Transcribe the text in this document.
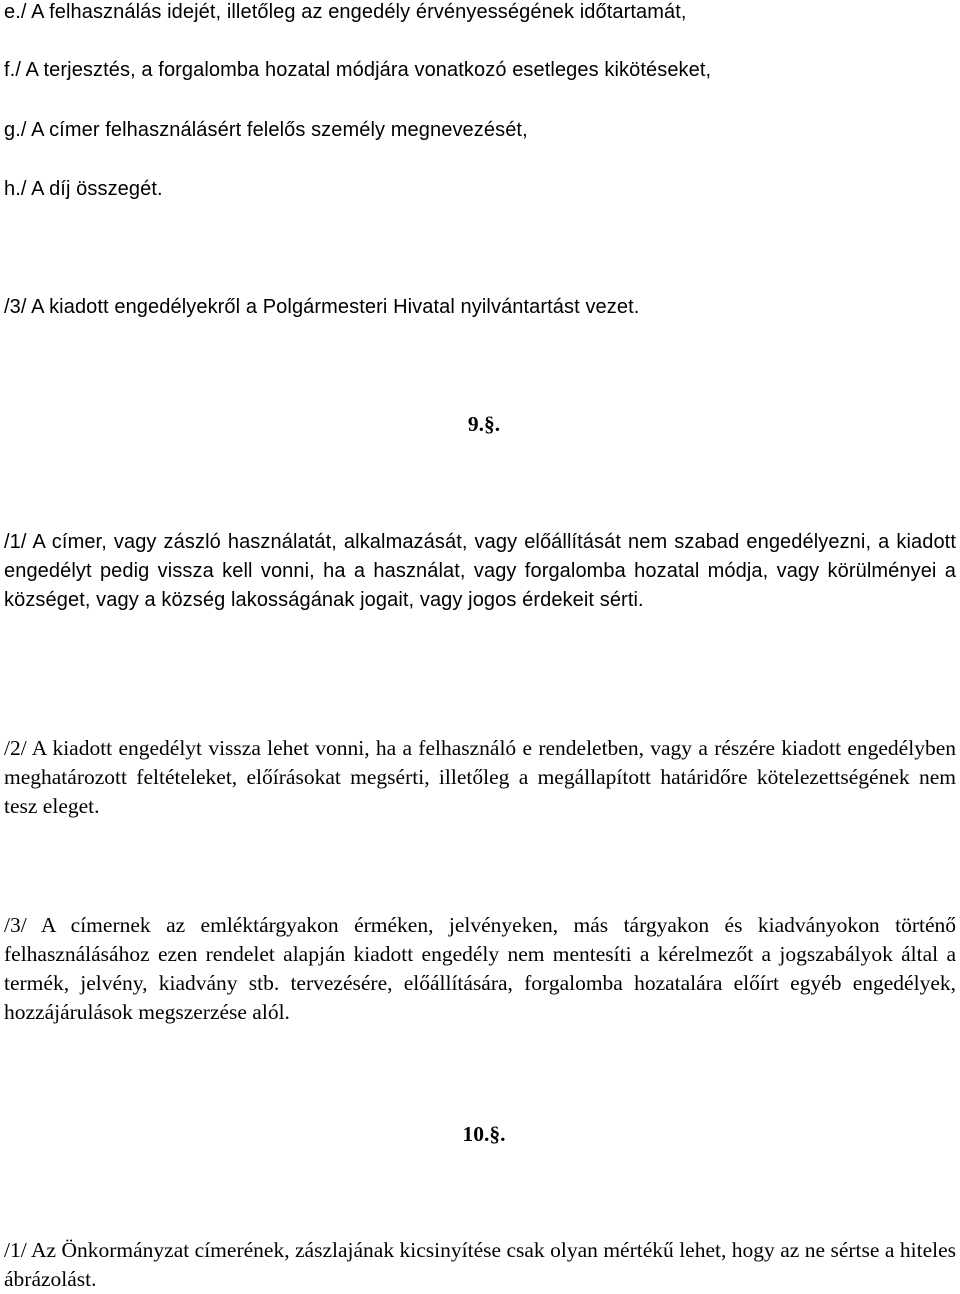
e./ A felhasználás idejét, illetőleg az engedély érvényességének időtartamát,
f./ A terjesztés, a forgalomba hozatal módjára vonatkozó esetleges kikötéseket,
g./ A címer felhasználásért felelős személy megnevezését,
h./ A díj összegét.
/3/ A kiadott engedélyekről a Polgármesteri Hivatal nyilvántartást vezet.
9.§.
/1/ A címer, vagy zászló használatát, alkalmazását, vagy előállítását nem szabad engedélyezni, a kiadott engedélyt pedig vissza kell vonni, ha a használat, vagy forgalomba hozatal módja, vagy körülményei a községet, vagy a község lakosságának jogait, vagy jogos érdekeit sérti.
/2/ A kiadott engedélyt vissza lehet vonni, ha a felhasználó e rendeletben, vagy a részére kiadott engedélyben meghatározott feltételeket, előírásokat megsérti, illetőleg a megállapított határidőre kötelezettségének nem tesz eleget.
/3/ A címernek az emléktárgyakon érméken, jelvényeken, más tárgyakon és kiadványokon történő felhasználásához ezen rendelet alapján kiadott engedély nem mentesíti a kérelmezőt a jogszabályok által a termék, jelvény, kiadvány stb. tervezésére, előállítására, forgalomba hozatalára előírt egyéb engedélyek, hozzájárulások megszerzése alól.
10.§.
/1/ Az Önkormányzat címerének, zászlajának kicsinyítése csak olyan mértékű lehet, hogy az ne sértse a hiteles ábrázolást.
